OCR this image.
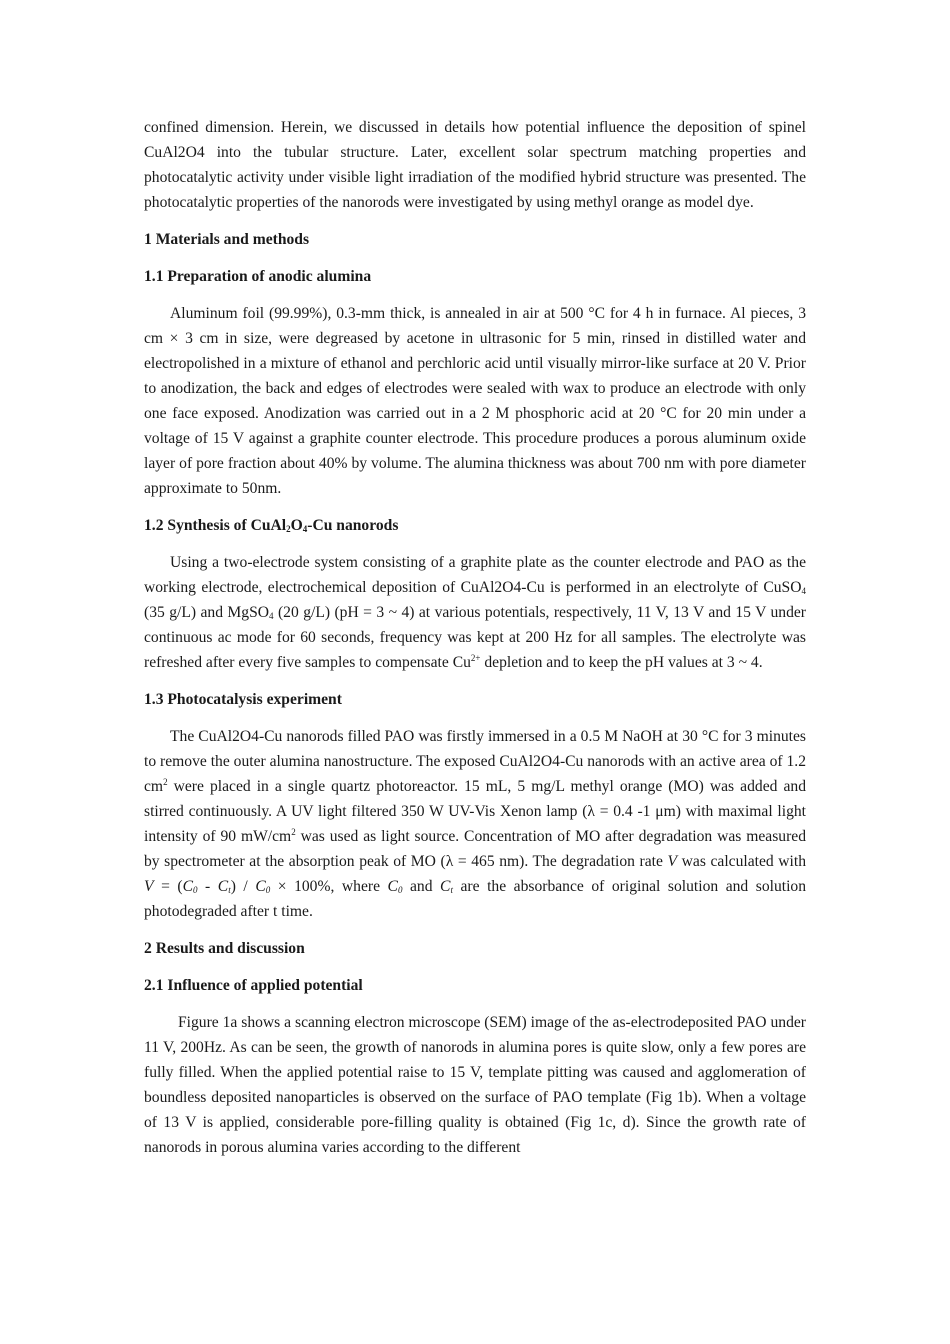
confined dimension. Herein, we discussed in details how potential influence the deposition of spinel CuAl2O4 into the tubular structure. Later, excellent solar spectrum matching properties and photocatalytic activity under visible light irradiation of the modified hybrid structure was presented. The photocatalytic properties of the nanorods were investigated by using methyl orange as model dye.

1 Materials and methods
1.1 Preparation of anodic alumina

Aluminum foil (99.99%), 0.3-mm thick, is annealed in air at 500 °C for 4 h in furnace. Al pieces, 3 cm × 3 cm in size, were degreased by acetone in ultrasonic for 5 min, rinsed in distilled water and electropolished in a mixture of ethanol and perchloric acid until visually mirror-like surface at 20 V. Prior to anodization, the back and edges of electrodes were sealed with wax to produce an electrode with only one face exposed. Anodization was carried out in a 2 M phosphoric acid at 20 °C for 20 min under a voltage of 15 V against a graphite counter electrode. This procedure produces a porous aluminum oxide layer of pore fraction about 40% by volume. The alumina thickness was about 700 nm with pore diameter approximate to 50nm.

1.2 Synthesis of $CuAl_2O_4-Cu$ nanorods

Using a two-electrode system consisting of a graphite plate as the counter electrode and PAO as the working electrode, electrochemical deposition of CuAl2O4-Cu is performed in an electrolyte of CuSO$_4$ (35 g/L) and MgSO$_4$ (20 g/L) (pH = 3 ~ 4) at various potentials, respectively, 11 V, 13 V and 15 V under continuous ac mode for 60 seconds, frequency was kept at 200 Hz for all samples. The electrolyte was refreshed after every five samples to compensate $Cu^{2+}$ depletion and to keep the pH values at 3 ~ 4.

1.3 Photocatalysis experiment

The CuAl2O4-Cu nanorods filled PAO was firstly immersed in a 0.5 M NaOH at 30 °C for 3 minutes to remove the outer alumina nanostructure. The exposed CuAl2O4-Cu nanorods with an active area of 1.2 $cm^2$ were placed in a single quartz photoreactor. 15 mL, 5 mg/L methyl orange (MO) was added and stirred continuously. A UV light filtered 350 W UV-Vis Xenon lamp (λ = 0.4 -1 μm) with maximal light intensity of 90 $mW/cm^2$ was used as light source. Concentration of MO after degradation was measured by spectrometer at the absorption peak of MO (λ = 465 nm). The degradation rate V was calculated with $V = (C_0 - C_t) / C_0 \times 100\%$, where $C_0$ and $C_t$ are the absorbance of original solution and solution photodegraded after t time.

2 Results and discussion
2.1 Influence of applied potential

Figure 1a shows a scanning electron microscope (SEM) image of the as-electrodeposited PAO under 11 V, 200Hz. As can be seen, the growth of nanorods in alumina pores is quite slow, only a few pores are fully filled. When the applied potential raise to 15 V, template pitting was caused and agglomeration of boundless deposited nanoparticles is observed on the surface of PAO template (Fig 1b). When a voltage of 13 V is applied, considerable pore-filling quality is obtained (Fig 1c, d). Since the growth rate of nanorods in porous alumina varies according to the different
